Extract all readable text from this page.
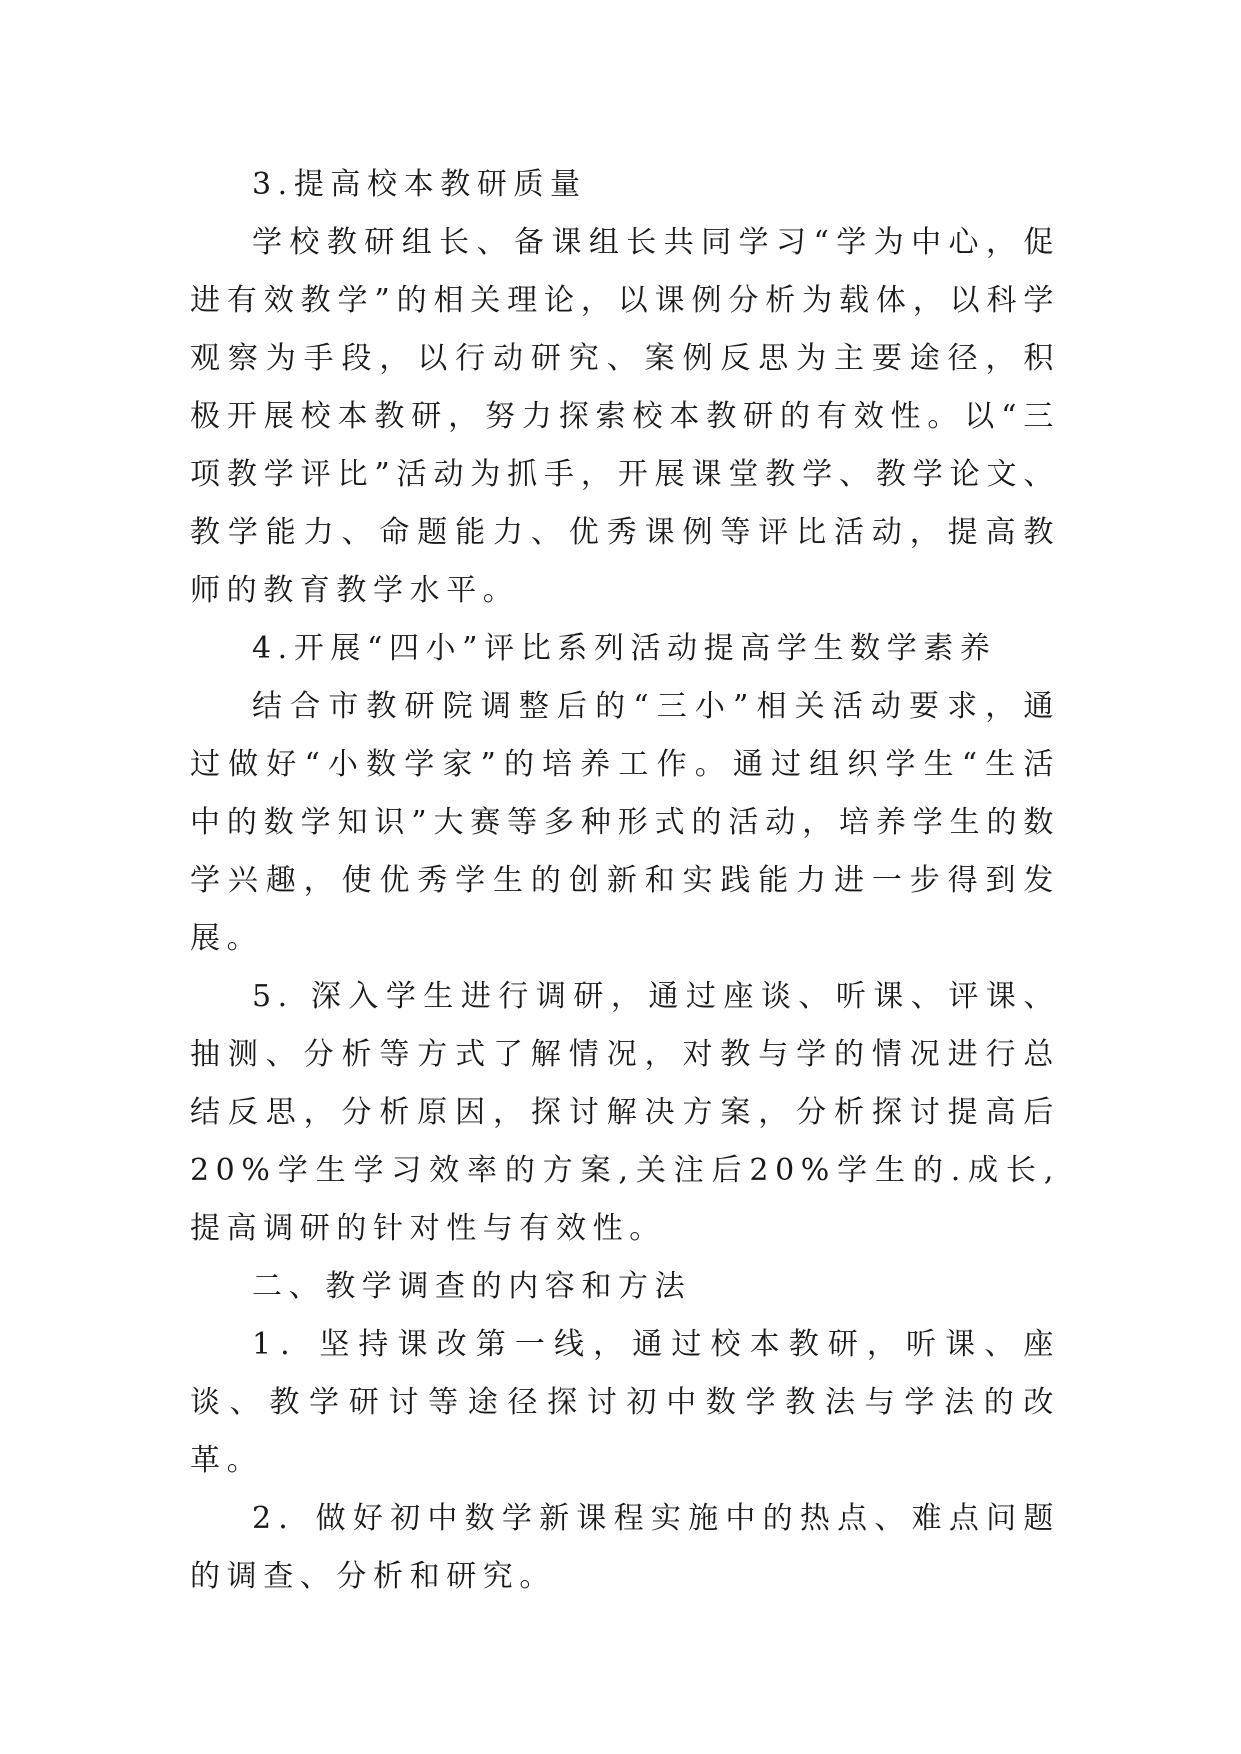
3.提高校本教研质量

学校教研组长、备课组长共同学习“学为中心，促进有效教学”的相关理论，以课例分析为载体，以科学观察为手段，以行动研究、案例反思为主要途径，积极开展校本教研，努力探索校本教研的有效性。以“三项教学评比”活动为抓手，开展课堂教学、教学论文、教学能力、命题能力、优秀课例等评比活动，提高教师的教育教学水平。

4.开展“四小”评比系列活动提高学生数学素养

结合市教研院调整后的“三小”相关活动要求，通过做好“小数学家”的培养工作。通过组织学生“生活中的数学知识”大赛等多种形式的活动，培养学生的数学兴趣，使优秀学生的创新和实践能力进一步得到发展。

5. 深入学生进行调研，通过座谈、听课、评课、抽测、分析等方式了解情况，对教与学的情况进行总结反思，分析原因，探讨解决方案，分析探讨提高后20%学生学习效率的方案,关注后20%学生的.成长,提高调研的针对性与有效性。

二、教学调查的内容和方法

1．坚持课改第一线，通过校本教研，听课、座谈、教学研讨等途径探讨初中数学教法与学法的改革。

2．做好初中数学新课程实施中的热点、难点问题的调查、分析和研究。
